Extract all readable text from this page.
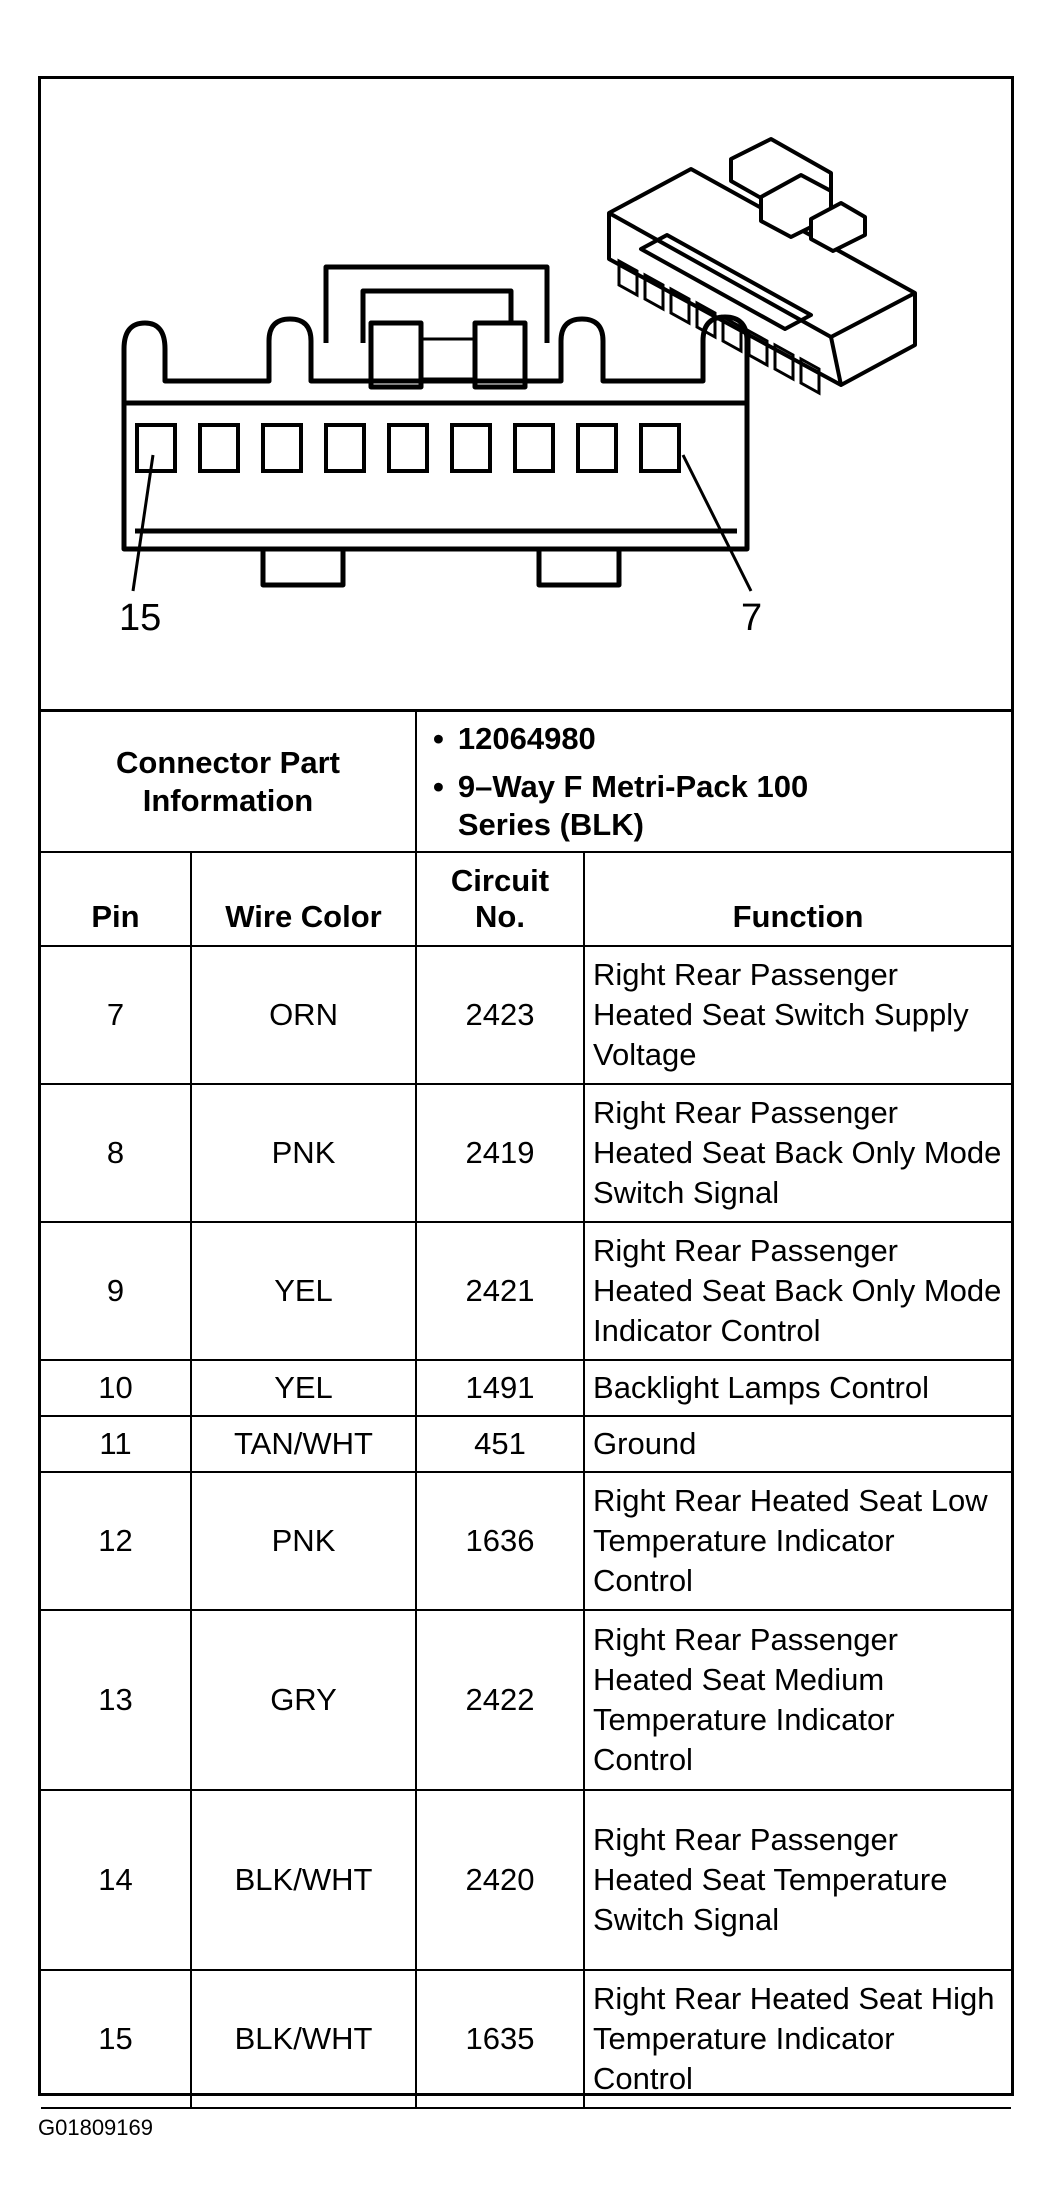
15	7
Connector Part Information		• 12064980
• 9–Way F Metri-Pack 100 Series (BLK)	

Pin	Wire Color	Circuit No.	Function
7	ORN	2423	Right Rear Passenger Heated Seat Switch Supply Voltage
8	PNK	2419	Right Rear Passenger Heated Seat Back Only Mode Switch Signal
9	YEL	2421	Right Rear Passenger Heated Seat Back Only Mode Indicator Control
10	YEL	1491	Backlight Lamps Control
11	TAN/WHT	451	Ground
12	PNK	1636	Right Rear Heated Seat Low Temperature Indicator Control
13	GRY	2422	Right Rear Passenger Heated Seat Medium Temperature Indicator Control
14	BLK/WHT	2420	Right Rear Passenger Heated Seat Temperature Switch Signal
15	BLK/WHT	1635	Right Rear Heated Seat High Temperature Indicator Control
G01809169
